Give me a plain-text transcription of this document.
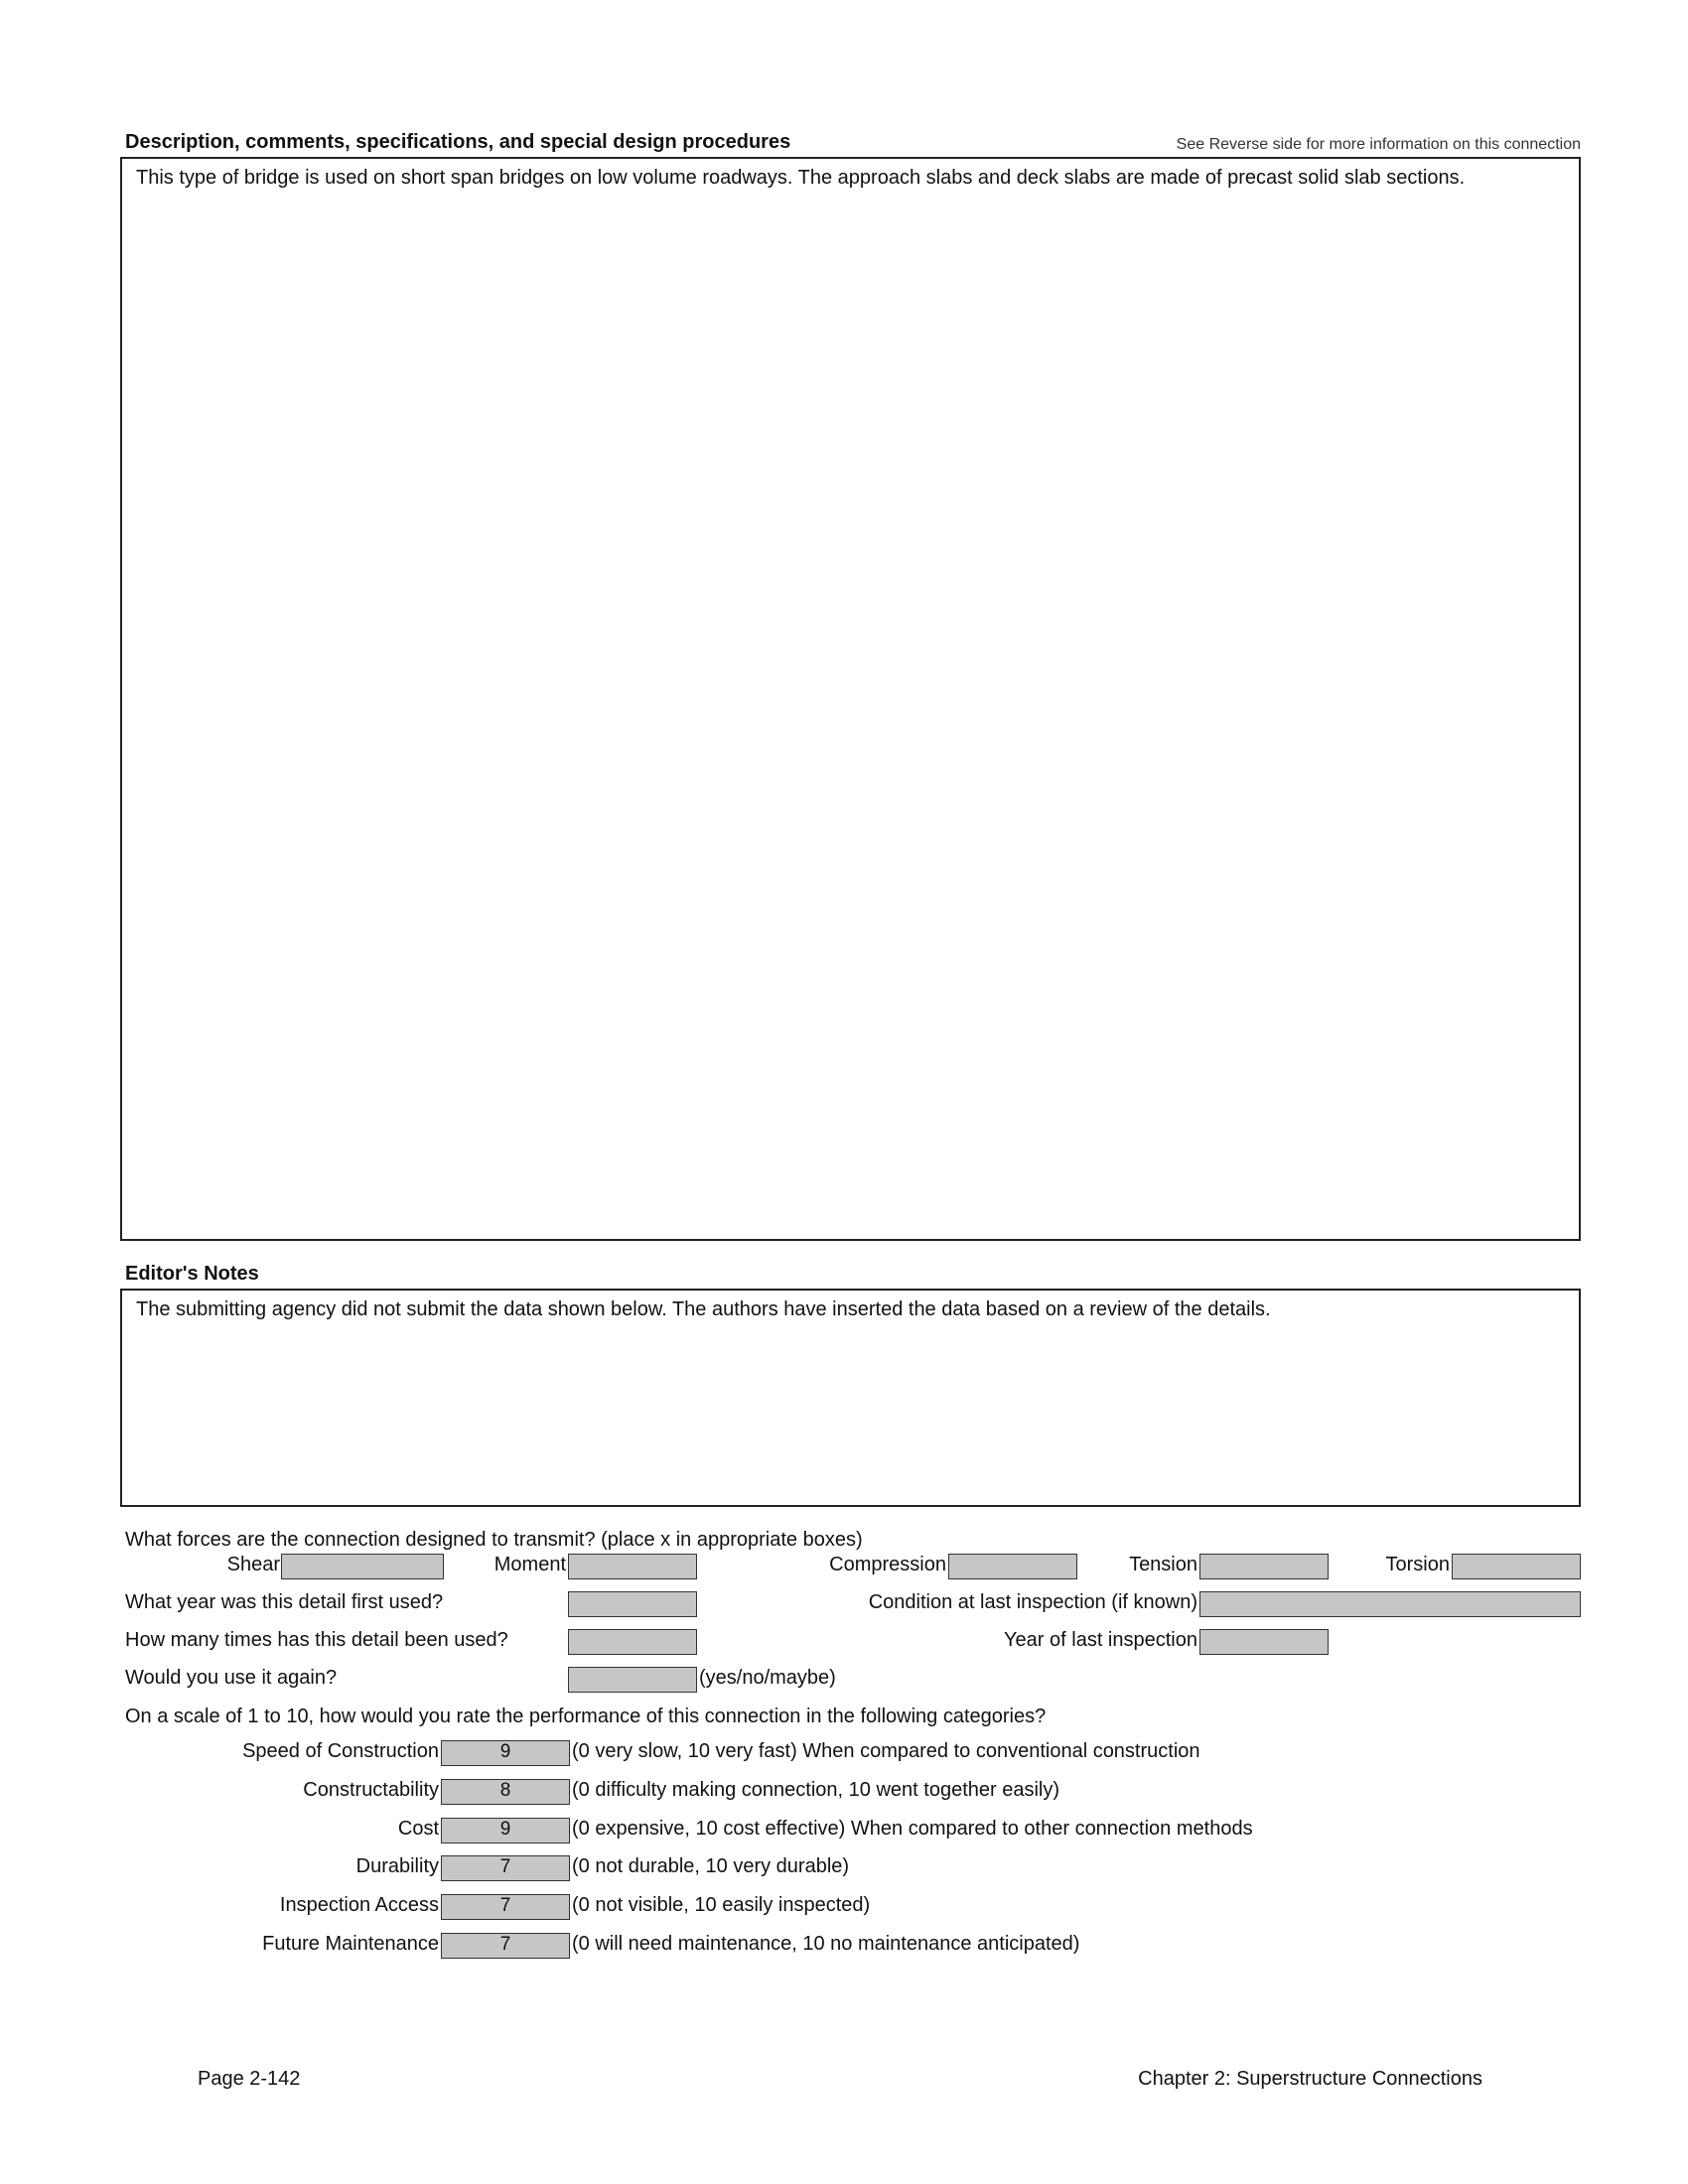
Description, comments, specifications, and special design procedures	See Reverse side for more information on this connection
This type of bridge is used on short span bridges on low volume roadways. The approach slabs and deck slabs are made of precast solid slab sections.
Editor's Notes
The submitting agency did not submit the data shown below. The authors have inserted the data based on a review of the details.
What forces are the connection designed to transmit? (place x in appropriate boxes)
Shear	Moment	Compression	Tension	Torsion
What year was this detail first used?	Condition at last inspection (if known)
How many times has this detail been used?	Year of last inspection
Would you use it again?	(yes/no/maybe)
On a scale of 1 to 10, how would you rate the performance of this connection in the following categories?
Speed of Construction	9	(0 very slow, 10 very fast) When compared to conventional construction
Constructability	8	(0 difficulty making connection, 10 went together easily)
Cost	9	(0 expensive, 10 cost effective) When compared to other connection methods
Durability	7	(0 not durable, 10 very durable)
Inspection Access	7	(0 not visible, 10 easily inspected)
Future Maintenance	7	(0 will need maintenance, 10 no maintenance anticipated)
Page 2-142	Chapter 2: Superstructure Connections
